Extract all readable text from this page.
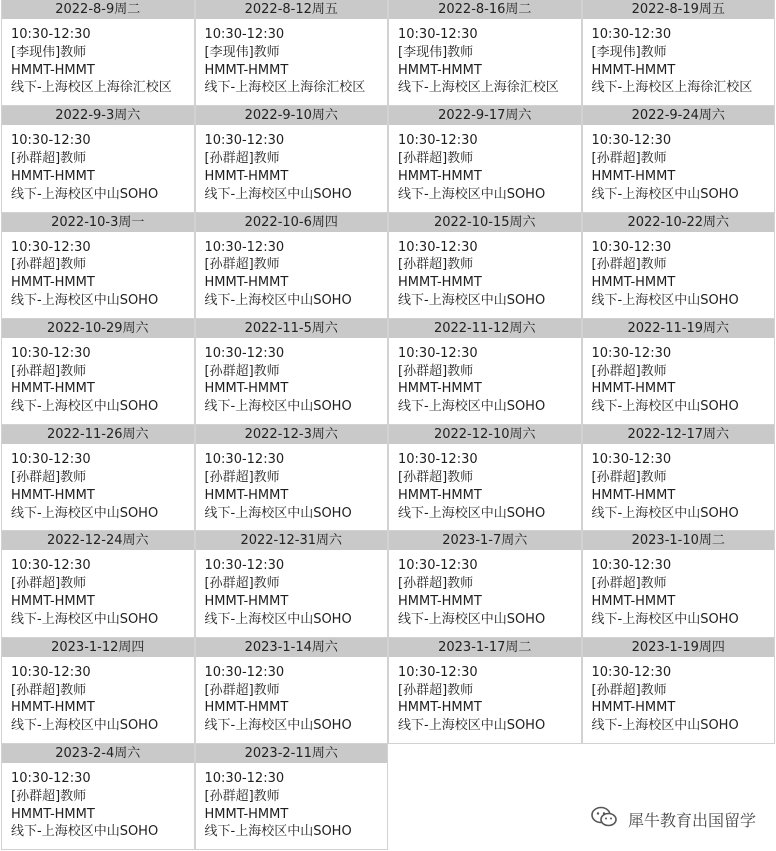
2022-8-9周二
10:30-12:30
[李现伟]教师
HMMT-HMMT
线下-上海校区上海徐汇校区
2022-8-12周五
10:30-12:30
[李现伟]教师
HMMT-HMMT
线下-上海校区上海徐汇校区
2022-8-16周二
10:30-12:30
[李现伟]教师
HMMT-HMMT
线下-上海校区上海徐汇校区
2022-8-19周五
10:30-12:30
[李现伟]教师
HMMT-HMMT
线下-上海校区上海徐汇校区
2022-9-3周六
10:30-12:30
[孙群超]教师
HMMT-HMMT
线下-上海校区中山SOHO
2022-9-10周六
10:30-12:30
[孙群超]教师
HMMT-HMMT
线下-上海校区中山SOHO
2022-9-17周六
10:30-12:30
[孙群超]教师
HMMT-HMMT
线下-上海校区中山SOHO
2022-9-24周六
10:30-12:30
[孙群超]教师
HMMT-HMMT
线下-上海校区中山SOHO
2022-10-3周一
10:30-12:30
[孙群超]教师
HMMT-HMMT
线下-上海校区中山SOHO
2022-10-6周四
10:30-12:30
[孙群超]教师
HMMT-HMMT
线下-上海校区中山SOHO
2022-10-15周六
10:30-12:30
[孙群超]教师
HMMT-HMMT
线下-上海校区中山SOHO
2022-10-22周六
10:30-12:30
[孙群超]教师
HMMT-HMMT
线下-上海校区中山SOHO
2022-10-29周六
10:30-12:30
[孙群超]教师
HMMT-HMMT
线下-上海校区中山SOHO
2022-11-5周六
10:30-12:30
[孙群超]教师
HMMT-HMMT
线下-上海校区中山SOHO
2022-11-12周六
10:30-12:30
[孙群超]教师
HMMT-HMMT
线下-上海校区中山SOHO
2022-11-19周六
10:30-12:30
[孙群超]教师
HMMT-HMMT
线下-上海校区中山SOHO
2022-11-26周六
10:30-12:30
[孙群超]教师
HMMT-HMMT
线下-上海校区中山SOHO
2022-12-3周六
10:30-12:30
[孙群超]教师
HMMT-HMMT
线下-上海校区中山SOHO
2022-12-10周六
10:30-12:30
[孙群超]教师
HMMT-HMMT
线下-上海校区中山SOHO
2022-12-17周六
10:30-12:30
[孙群超]教师
HMMT-HMMT
线下-上海校区中山SOHO
2022-12-24周六
10:30-12:30
[孙群超]教师
HMMT-HMMT
线下-上海校区中山SOHO
2022-12-31周六
10:30-12:30
[孙群超]教师
HMMT-HMMT
线下-上海校区中山SOHO
2023-1-7周六
10:30-12:30
[孙群超]教师
HMMT-HMMT
线下-上海校区中山SOHO
2023-1-10周二
10:30-12:30
[孙群超]教师
HMMT-HMMT
线下-上海校区中山SOHO
2023-1-12周四
10:30-12:30
[孙群超]教师
HMMT-HMMT
线下-上海校区中山SOHO
2023-1-14周六
10:30-12:30
[孙群超]教师
HMMT-HMMT
线下-上海校区中山SOHO
2023-1-17周二
10:30-12:30
[孙群超]教师
HMMT-HMMT
线下-上海校区中山SOHO
2023-1-19周四
10:30-12:30
[孙群超]教师
HMMT-HMMT
线下-上海校区中山SOHO
2023-2-4周六
10:30-12:30
[孙群超]教师
HMMT-HMMT
线下-上海校区中山SOHO
2023-2-11周六
10:30-12:30
[孙群超]教师
HMMT-HMMT
线下-上海校区中山SOHO
犀牛教育出国留学
